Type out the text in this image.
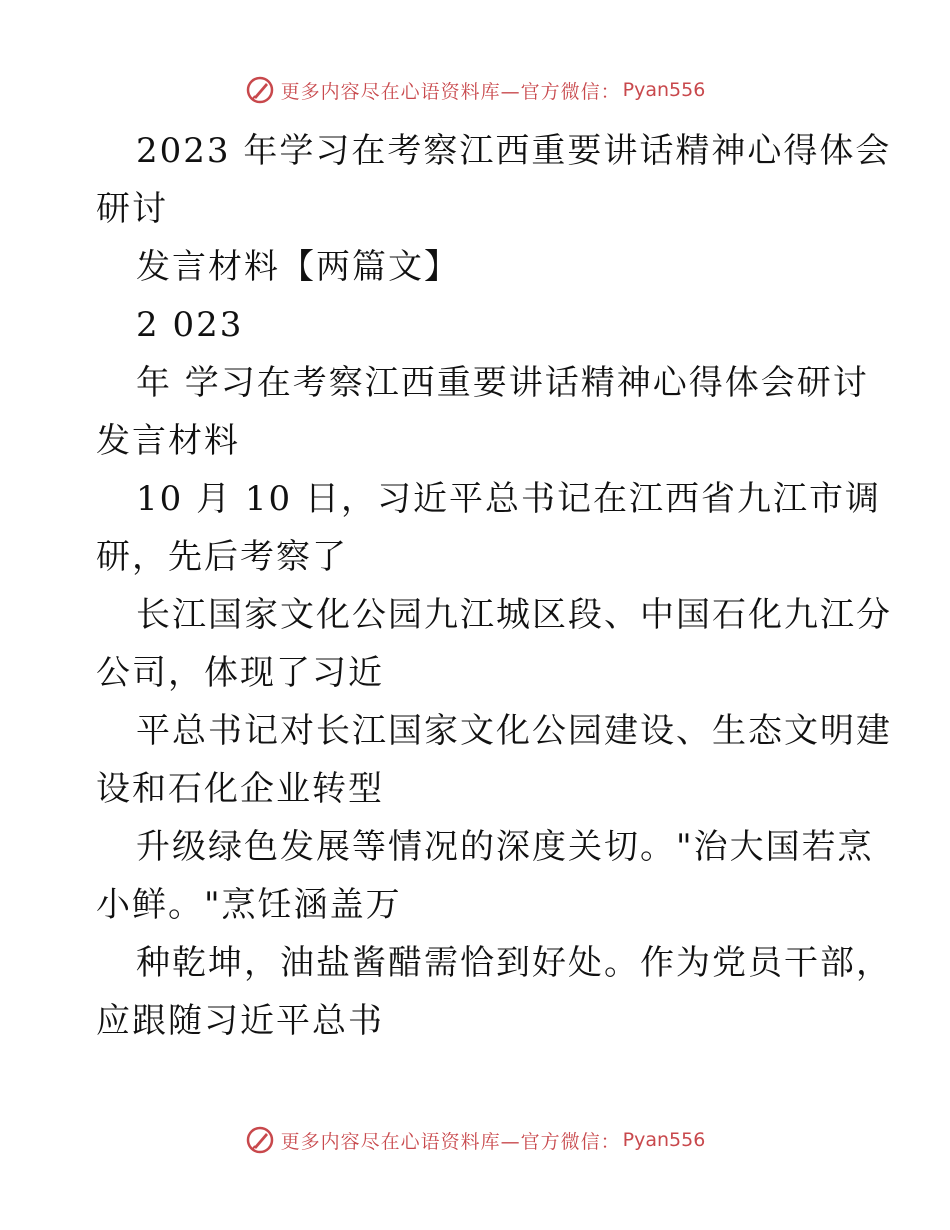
更多内容尽在心语资料库—官方微信： Pyan556
2023 年学习在考察江西重要讲话精神心得体会
研讨
发言材料【两篇文】
2 023
年 学习在考察江西重要讲话精神心得体会研讨
发言材料
10 月 10 日，习近平总书记在江西省九江市调
研，先后考察了
长江国家文化公园九江城区段、中国石化九江分
公司，体现了习近
平总书记对长江国家文化公园建设、生态文明建
设和石化企业转型
升级绿色发展等情况的深度关切。"治大国若烹
小鲜。"烹饪涵盖万
种乾坤，油盐酱醋需恰到好处。作为党员干部，
应跟随习近平总书
更多内容尽在心语资料库—官方微信： Pyan556
